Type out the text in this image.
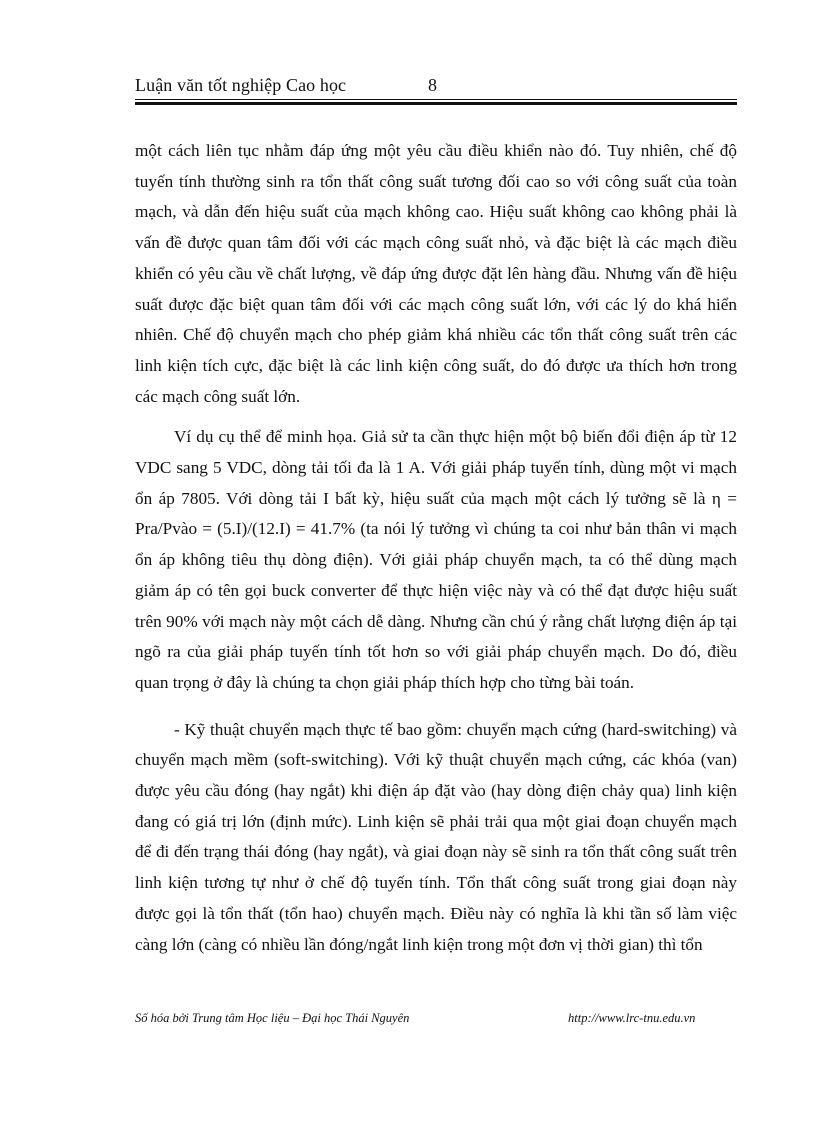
Luận văn tốt nghiệp Cao học	8

một cách liên tục nhằm đáp ứng một yêu cầu điều khiển nào đó. Tuy nhiên, chế độ tuyến tính thường sinh ra tổn thất công suất tương đối cao so với công suất của toàn mạch, và dẫn đến hiệu suất của mạch không cao. Hiệu suất không cao không phải là vấn đề được quan tâm đối với các mạch công suất nhỏ, và đặc biệt là các mạch điều khiển có yêu cầu về chất lượng, về đáp ứng được đặt lên hàng đầu. Nhưng vấn đề hiệu suất được đặc biệt quan tâm đối với các mạch công suất lớn, với các lý do khá hiển nhiên. Chế độ chuyển mạch cho phép giảm khá nhiều các tổn thất công suất trên các linh kiện tích cực, đặc biệt là các linh kiện công suất, do đó được ưa thích hơn trong các mạch công suất lớn.

Ví dụ cụ thể để minh họa. Giả sử ta cần thực hiện một bộ biến đổi điện áp từ 12 VDC sang 5 VDC, dòng tải tối đa là 1 A. Với giải pháp tuyến tính, dùng một vi mạch ổn áp 7805. Với dòng tải I bất kỳ, hiệu suất của mạch một cách lý tưởng sẽ là η = Pra/Pvào = (5.I)/(12.I) = 41.7% (ta nói lý tưởng vì chúng ta coi như bản thân vi mạch ổn áp không tiêu thụ dòng điện). Với giải pháp chuyển mạch, ta có thể dùng mạch giảm áp có tên gọi buck converter để thực hiện việc này và có thể đạt được hiệu suất trên 90% với mạch này một cách dễ dàng. Nhưng cần chú ý rằng chất lượng điện áp tại ngõ ra của giải pháp tuyến tính tốt hơn so với giải pháp chuyển mạch. Do đó, điều quan trọng ở đây là chúng ta chọn giải pháp thích hợp cho từng bài toán.

- Kỹ thuật chuyển mạch thực tế bao gồm: chuyển mạch cứng (hard-switching) và chuyển mạch mềm (soft-switching). Với kỹ thuật chuyển mạch cứng, các khóa (van) được yêu cầu đóng (hay ngắt) khi điện áp đặt vào (hay dòng điện chảy qua) linh kiện đang có giá trị lớn (định mức). Linh kiện sẽ phải trải qua một giai đoạn chuyển mạch để đi đến trạng thái đóng (hay ngắt), và giai đoạn này sẽ sinh ra tổn thất công suất trên linh kiện tương tự như ở chế độ tuyến tính. Tổn thất công suất trong giai đoạn này được gọi là tổn thất (tổn hao) chuyển mạch. Điều này có nghĩa là khi tần số làm việc càng lớn (càng có nhiều lần đóng/ngắt linh kiện trong một đơn vị thời gian) thì tổn

Số hóa bởi Trung tâm Học liệu – Đại học Thái Nguyên	http://www.lrc-tnu.edu.vn
